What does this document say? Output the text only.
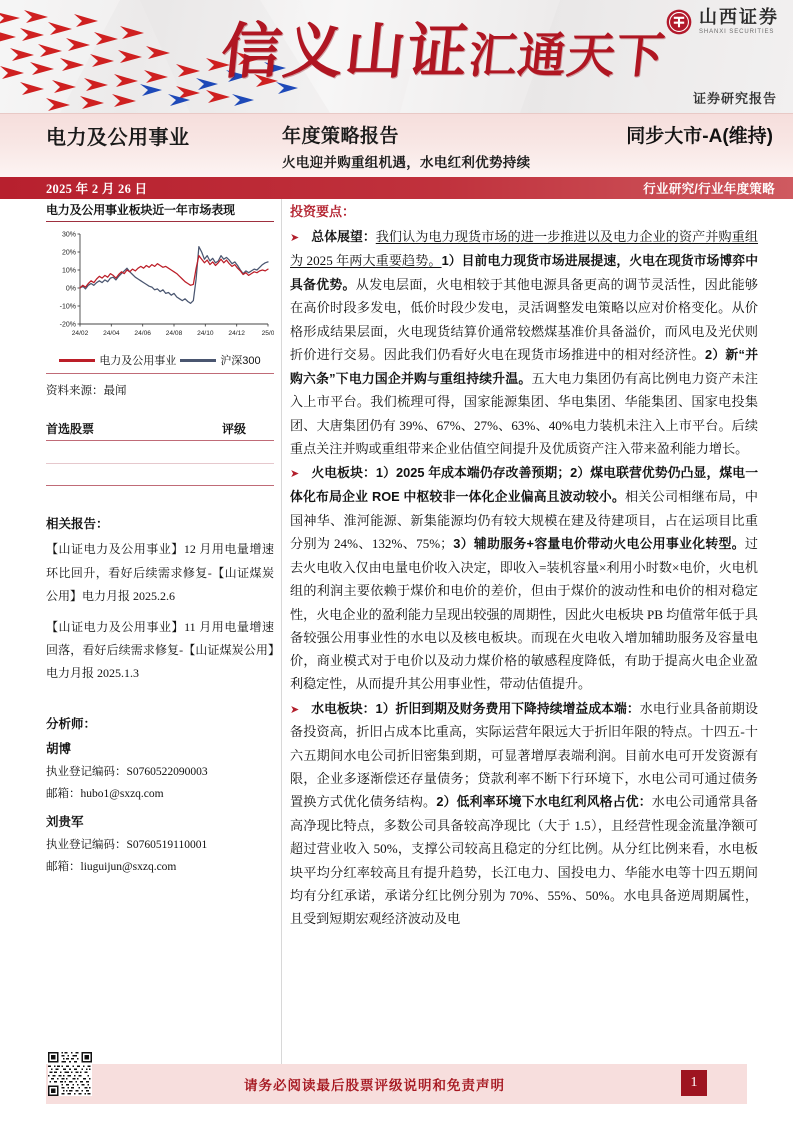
信义山证汇通天下
山西证券
SHANXI SECURITIES
证券研究报告
电力及公用事业	年度策略报告	同步大市-A(维持)
火电迎并购重组机遇，水电红利优势持续
2025 年 2 月 26 日	行业研究/行业年度策略
电力及公用事业板块近一年市场表现
-20%
-10%
0%
10%
20%
30%
24/02 24/04 24/06 24/08 24/10 24/12	25/0
电力及公用事业	沪深300
资料来源：最闻
首选股票	评级
相关报告：
【山证电力及公用事业】12 月用电量增速环比回升，看好后续需求修复-【山证煤炭公用】电力月报 2025.2.6
【山证电力及公用事业】11 月用电量增速回落，看好后续需求修复-【山证煤炭公用】电力月报 2025.1.3
分析师：
胡博
执业登记编码：S0760522090003
邮箱：hubo1@sxzq.com
刘贵军
执业登记编码：S0760519110001
邮箱：liuguijun@sxzq.com
投资要点：
➤ 总体展望：我们认为电力现货市场的进一步推进以及电力企业的资产并购重组为 2025 年两大重要趋势。1）目前电力现货市场进展提速，火电在现货市场博弈中具备优势。从发电层面，火电相较于其他电源具备更高的调节灵活性，因此能够在高价时段多发电，低价时段少发电，灵活调整发电策略以应对价格变化。从价格形成结果层面，火电现货结算价通常较燃煤基准价具备溢价，而风电及光伏则折价进行交易。因此我们仍看好火电在现货市场推进中的相对经济性。2）新“并购六条”下电力国企并购与重组持续升温。五大电力集团仍有高比例电力资产未注入上市平台。我们梳理可得，国家能源集团、华电集团、华能集团、国家电投集团、大唐集团仍有 39%、67%、27%、63%、40%电力装机未注入上市平台。后续重点关注并购或重组带来企业估值空间提升及优质资产注入带来盈利能力增长。
➤ 火电板块：1）2025 年成本端仍存改善预期；2）煤电联营优势仍凸显，煤电一体化布局企业 ROE 中枢较非一体化企业偏高且波动较小。相关公司相继布局，中国神华、淮河能源、新集能源均仍有较大规模在建及待建项目，占在运项目比重分别为 24%、132%、75%；3）辅助服务+容量电价带动火电公用事业化转型。过去火电收入仅由电量电价收入决定，即收入=装机容量×利用小时数×电价，火电机组的利润主要依赖于煤价和电价的差价，但由于煤价的波动性和电价的相对稳定性，火电企业的盈利能力呈现出较强的周期性，因此火电板块 PB 均值常年低于具备较强公用事业性的水电以及核电板块。而现在火电收入增加辅助服务及容量电价，商业模式对于电价以及动力煤价格的敏感程度降低，有助于提高火电企业盈利稳定性，从而提升其公用事业性，带动估值提升。
➤ 水电板块：1）折旧到期及财务费用下降持续增益成本端：水电行业具备前期设备投资高，折旧占成本比重高，实际运营年限远大于折旧年限的特点。十四五-十六五期间水电公司折旧密集到期，可显著增厚表端利润。目前水电可开发资源有限，企业多逐渐偿还存量债务；贷款利率不断下行环境下，水电公司可通过债务置换方式优化债务结构。2）低利率环境下水电红利风格占优：水电公司通常具备高净现比特点，多数公司具备较高净现比（大于 1.5），且经营性现金流量净额可超过营业收入 50%，支撑公司较高且稳定的分红比例。从分红比例来看，水电板块平均分红率较高且有提升趋势，长江电力、国投电力、华能水电等十四五期间均有分红承诺，承诺分红比例分别为 70%、55%、50%。水电具备逆周期属性，且受到短期宏观经济波动及电
请务必阅读最后股票评级说明和免责声明	1
